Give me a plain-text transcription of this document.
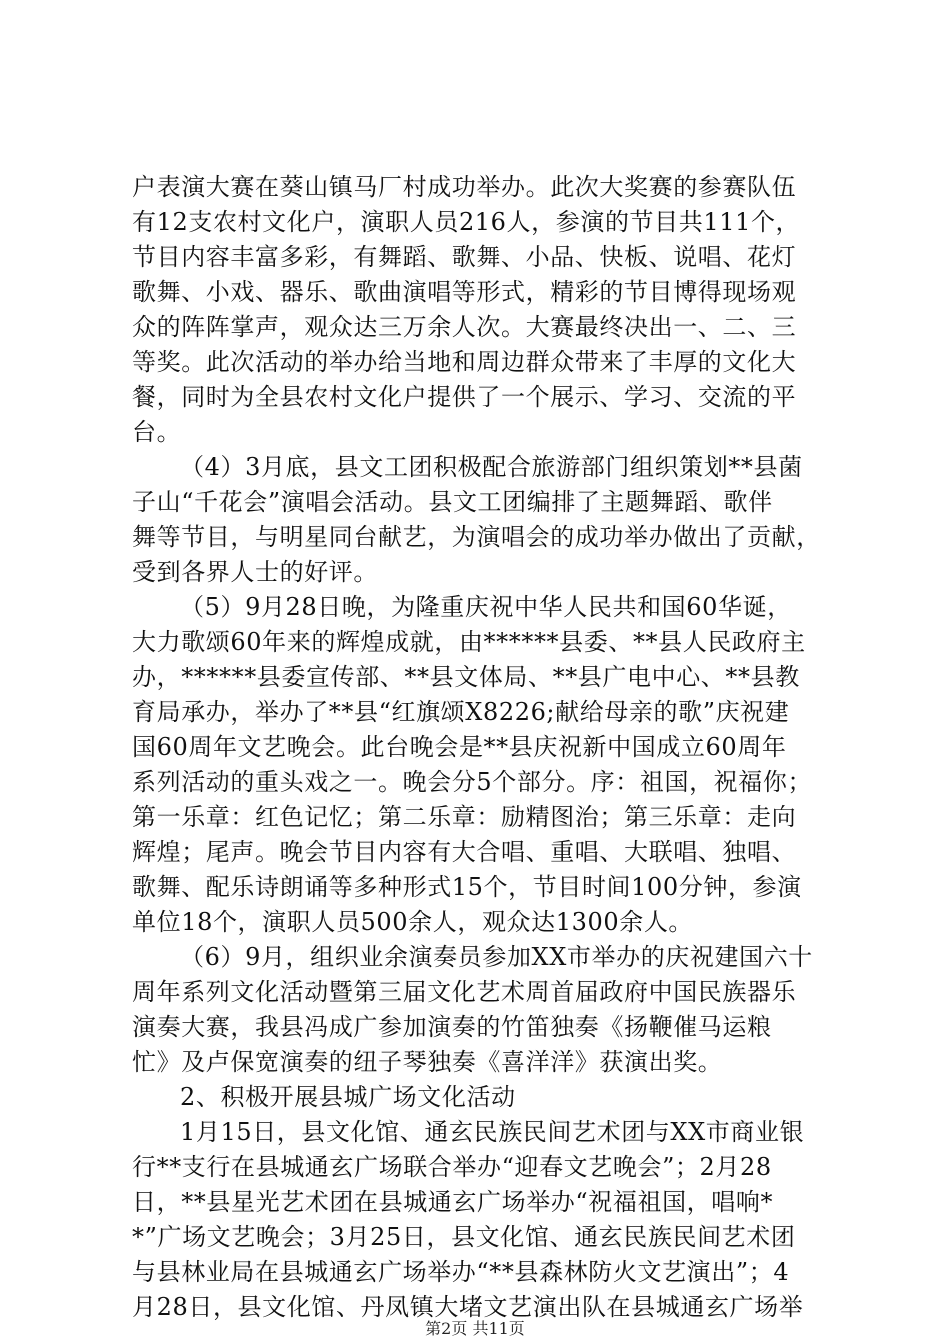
户表演大赛在葵山镇马厂村成功举办。此次大奖赛的参赛队伍
有12支农村文化户，演职人员216人，参演的节目共111个，
节目内容丰富多彩，有舞蹈、歌舞、小品、快板、说唱、花灯
歌舞、小戏、器乐、歌曲演唱等形式，精彩的节目博得现场观
众的阵阵掌声，观众达三万余人次。大赛最终决出一、二、三
等奖。此次活动的举办给当地和周边群众带来了丰厚的文化大
餐，同时为全县农村文化户提供了一个展示、学习、交流的平
台。
（4）3月底，县文工团积极配合旅游部门组织策划**县菌
子山“千花会”演唱会活动。县文工团编排了主题舞蹈、歌伴
舞等节目，与明星同台献艺，为演唱会的成功举办做出了贡献，
受到各界人士的好评。
（5）9月28日晚，为隆重庆祝中华人民共和国60华诞，
大力歌颂60年来的辉煌成就，由******县委、**县人民政府主
办，******县委宣传部、**县文体局、**县广电中心、**县教
育局承办，举办了**县“红旗颂X8226;献给母亲的歌”庆祝建
国60周年文艺晚会。此台晚会是**县庆祝新中国成立60周年
系列活动的重头戏之一。晚会分5个部分。序：祖国，祝福你；
第一乐章：红色记忆；第二乐章：励精图治；第三乐章：走向
辉煌；尾声。晚会节目内容有大合唱、重唱、大联唱、独唱、
歌舞、配乐诗朗诵等多种形式15个，节目时间100分钟，参演
单位18个，演职人员500余人，观众达1300余人。
（6）9月，组织业余演奏员参加XX市举办的庆祝建国六十
周年系列文化活动暨第三届文化艺术周首届政府中国民族器乐
演奏大赛，我县冯成广参加演奏的竹笛独奏《扬鞭催马运粮
忙》及卢保宽演奏的纽子琴独奏《喜洋洋》获演出奖。
2、积极开展县城广场文化活动
1月15日，县文化馆、通玄民族民间艺术团与XX市商业银
行**支行在县城通玄广场联合举办“迎春文艺晚会”；2月28
日，**县星光艺术团在县城通玄广场举办“祝福祖国，唱响*
*”广场文艺晚会；3月25日，县文化馆、通玄民族民间艺术团
与县林业局在县城通玄广场举办“**县森林防火文艺演出”；4
月28日，县文化馆、丹凤镇大堵文艺演出队在县城通玄广场举
第2页 共11页
